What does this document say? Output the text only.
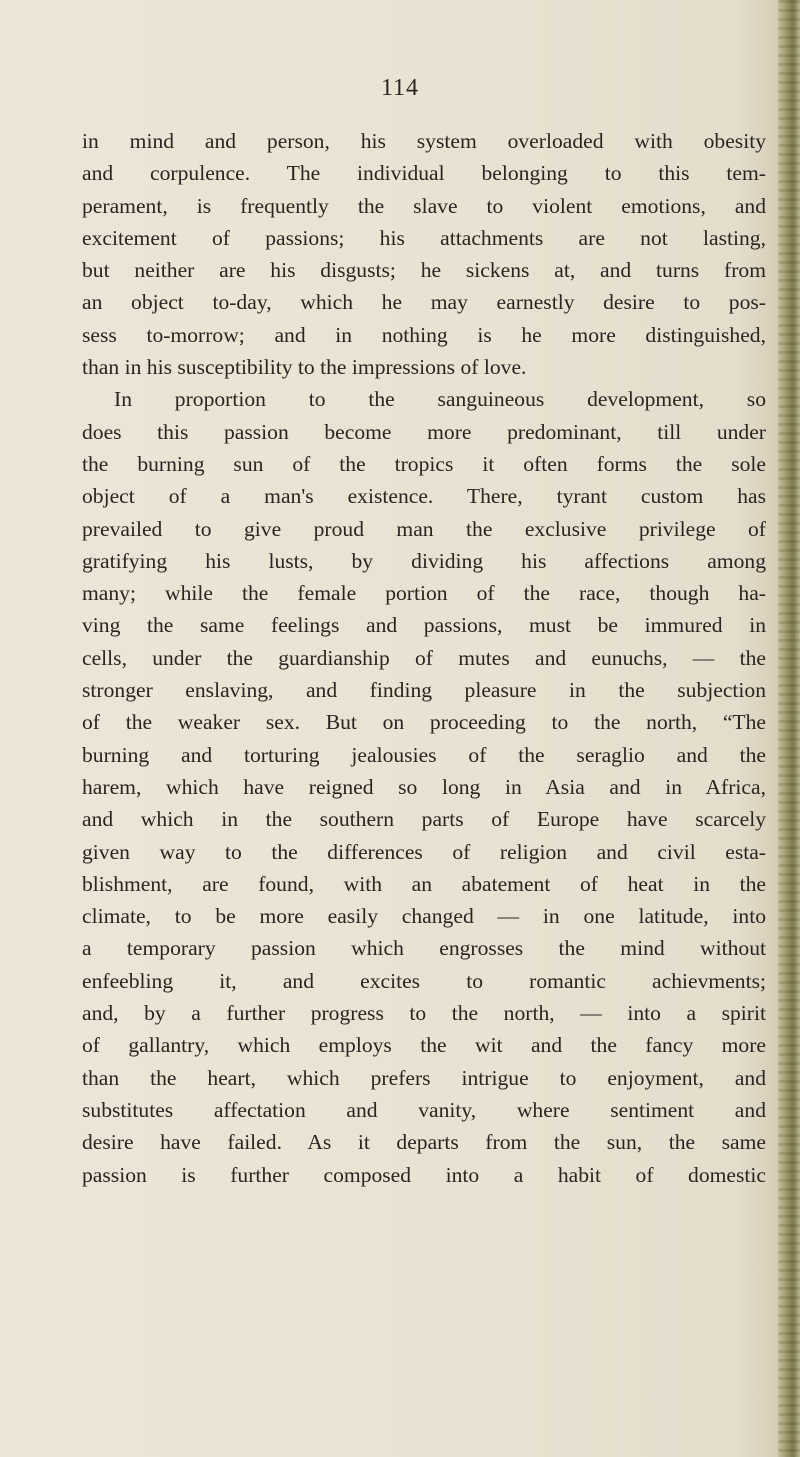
114
in mind and person, his system overloaded with obesity
and corpulence. The individual belonging to this tem-
perament, is frequently the slave to violent emotions, and
excitement of passions; his attachments are not lasting,
but neither are his disgusts; he sickens at, and turns from
an object to-day, which he may earnestly desire to pos-
sess to-morrow; and in nothing is he more distinguished,
than in his susceptibility to the impressions of love.
In proportion to the sanguineous development, so
does this passion become more predominant, till under
the burning sun of the tropics it often forms the sole
object of a man's existence. There, tyrant custom has
prevailed to give proud man the exclusive privilege of
gratifying his lusts, by dividing his affections among
many; while the female portion of the race, though ha-
ving the same feelings and passions, must be immured in
cells, under the guardianship of mutes and eunuchs, — the
stronger enslaving, and finding pleasure in the subjection
of the weaker sex. But on proceeding to the north, “The
burning and torturing jealousies of the seraglio and the
harem, which have reigned so long in Asia and in Africa,
and which in the southern parts of Europe have scarcely
given way to the differences of religion and civil esta-
blishment, are found, with an abatement of heat in the
climate, to be more easily changed — in one latitude, into
a temporary passion which engrosses the mind without
enfeebling it, and excites to romantic achievments;
and, by a further progress to the north, — into a spirit
of gallantry, which employs the wit and the fancy more
than the heart, which prefers intrigue to enjoyment, and
substitutes affectation and vanity, where sentiment and
desire have failed. As it departs from the sun, the same
passion is further composed into a habit of domestic
